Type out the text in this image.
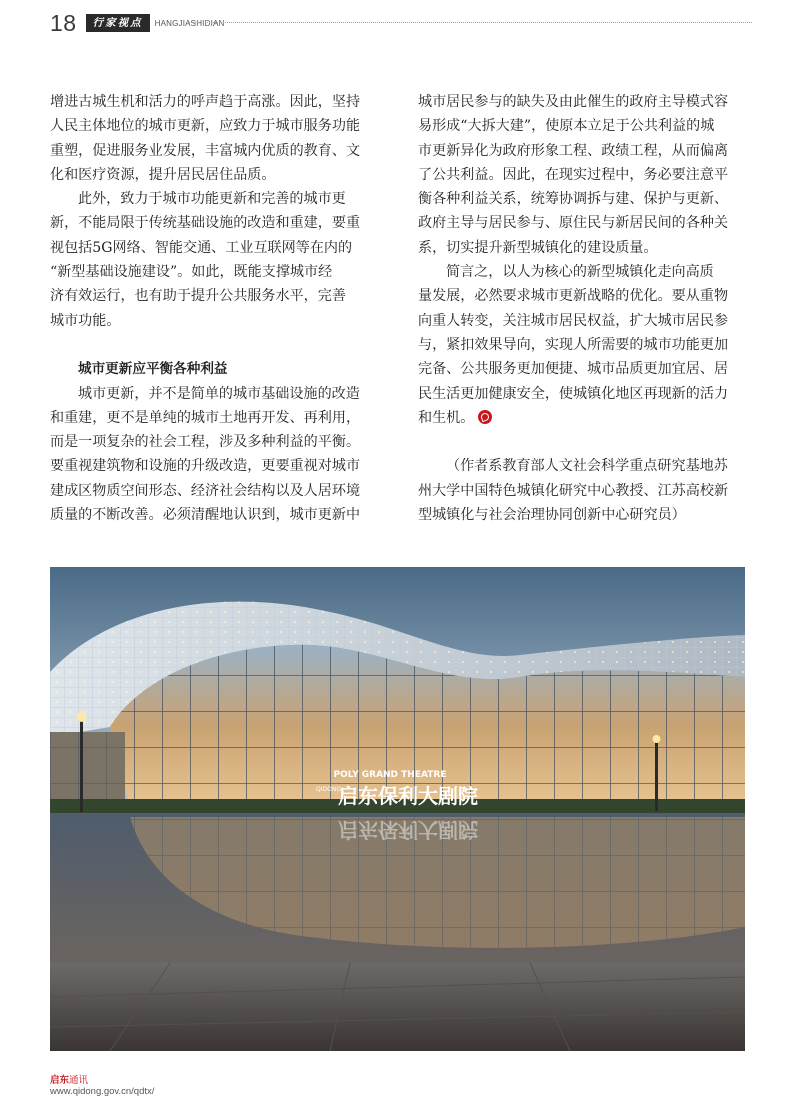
18	行家视点	HANGJIASHIDIAN
增进古城生机和活力的呼声趋于高涨。因此，坚持
人民主体地位的城市更新，应致力于城市服务功能
重塑，促进服务业发展，丰富城内优质的教育、文
化和医疗资源，提升居民居住品质。
此外，致力于城市功能更新和完善的城市更
新，不能局限于传统基础设施的改造和重建，要重
视包括5G网络、智能交通、工业互联网等在内的
“新型基础设施建设”。如此，既能支撑城市经
济有效运行，也有助于提升公共服务水平，完善
城市功能。
城市更新应平衡各种利益
城市更新，并不是简单的城市基础设施的改造
和重建，更不是单纯的城市土地再开发、再利用，
而是一项复杂的社会工程，涉及多种利益的平衡。
要重视建筑物和设施的升级改造，更要重视对城市
建成区物质空间形态、经济社会结构以及人居环境
质量的不断改善。必须清醒地认识到，城市更新中
城市居民参与的缺失及由此催生的政府主导模式容
易形成“大拆大建”，使原本立足于公共利益的城
市更新异化为政府形象工程、政绩工程，从而偏离
了公共利益。因此，在现实过程中，务必要注意平
衡各种利益关系，统筹协调拆与建、保护与更新、
政府主导与居民参与、原住民与新居民间的各种关
系，切实提升新型城镇化的建设质量。
简言之，以人为核心的新型城镇化走向高质
量发展，必然要求城市更新战略的优化。要从重物
向重人转变，关注城市居民权益，扩大城市居民参
与，紧扣效果导向，实现人所需要的城市功能更加
完备、公共服务更加便捷、城市品质更加宜居、居
民生活更加健康安全，使城镇化地区再现新的活力
和生机。
（作者系教育部人文社会科学重点研究基地苏
州大学中国特色城镇化研究中心教授、江苏高校新
型城镇化与社会治理协同创新中心研究员）
POLY GRAND THEATRE
QIDONG
启东保利大剧院
启东保利大剧院
启东通讯
www.qidong.gov.cn/qdtx/
